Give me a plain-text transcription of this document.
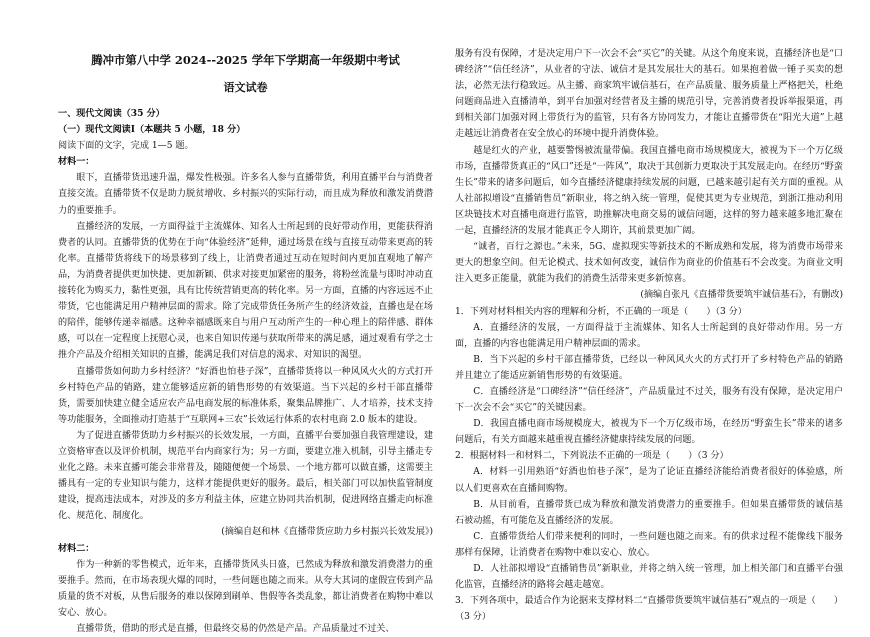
腾冲市第八中学 2024--2025 学年下学期高一年级期中考试

语文试卷

一、现代文阅读（35 分）

（一）现代文阅读Ⅰ（本题共 5 小题，18 分）

阅读下面的文字，完成 1—5 题。

材料一：

眼下，直播带货迅速升温，爆发性极强。许多名人参与直播带货，利用直播平台与消费者直接交流。直播带货不仅是助力脱贫增收、乡村振兴的实际行动，而且成为释放和激发消费潜力的重要推手。

直播经济的发展，一方面得益于主流媒体、知名人士所起到的良好带动作用，更能获得消费者的认同。直播带货的优势在于向“体验经济”延伸，通过场景在线与直接互动带来更高的转化率。直播带货将线下的场景移到了线上，让消费者通过互动在短时间内更加直观地了解产品，为消费者提供更加快捷、更加新颖、供求对接更加紧密的服务，将粉丝流量与即时冲动直接转化为购买力，黏性更强，具有比传统营销更高的转化率。另一方面，直播的内容远远不止带货，它也能满足用户精神层面的需求。除了完成带货任务所产生的经济效益，直播也是在场的陪伴，能够传递幸福感。这种幸福感既来自与用户互动所产生的一种心理上的陪伴感、群体感，可以在一定程度上抚慰心灵，也来自知识传递与获取所带来的满足感，通过观看有学之士推介产品及介绍相关知识的直播，能满足我们对信息的渴求、对知识的渴望。

直播带货如何助力乡村经济？“好酒也怕巷子深”，直播带货将以一种风风火火的方式打开乡村特色产品的销路，建立能够适应新的销售形势的有效渠道。当下兴起的乡村干部直播带货，需要加快建立健全适应农产品电商发展的标准体系，聚集品牌推广、人才培养，技术支持等功能服务，全面推动打造基于“互联网+三农”长效运行体系的农村电商 2.0 版本的建设。

为了促进直播带货助力乡村振兴的长效发展，一方面，直播平台要加强自我管理建设，建立资格审查以及评价机制，规范平台内商家行为；另一方面，要建立准入机制，引导主播走专业化之路。未来直播可能会非常普及，随随便便一个场景、一个地方都可以做直播，这需要主播具有一定的专业知识与能力，这样才能提供更好的服务。最后，相关部门可以加快监管制度建设，提高违法成本，对涉及的多方利益主体，应建立协同共治机制，促进网络直播走向标准化、规范化、制度化。

(摘编自赵和林《直播带货应助力乡村振兴长效发展》)

材料二：

作为一种新的零售模式，近年来，直播带货风头日盛，已然成为释放和激发消费潜力的重要推手。然而，在市场表现火爆的同时，一些问题也随之而来。从夸大其词的虚假宣传到产品质量的货不对板，从售后服务的难以保障到刷单、售假等各类乱象，都让消费者在购物中难以安心、放心。

直播带货，借助的形式是直播，但最终交易的仍然是产品。产品质量过不过关、

服务有没有保障，才是决定用户下一次会不会“买它”的关键。从这个角度来说，直播经济也是“口碑经济”“信任经济”，从业者的守法、诚信才是其发展壮大的基石。如果抱着做一锤子买卖的想法，必然无法行稳致远。从主播、商家筑牢诚信基石，在产品质量、服务质量上严格把关，杜绝问题商品进入直播清单，到平台加强对经营者及主播的规范引导，完善消费者投诉举报渠道，再到相关部门加强对网上带货行为的监管，只有各方协同发力，才能让直播带货在“阳光大道”上越走越远让消费者在安全放心的环境中提升消费体验。

越是红火的产业，越要警惕被流量带偏。我国直播电商市场规模庞大，被视为下一个万亿级市场，直播带货真正的“风口”还是“一阵风”，取决于其创新力更取决于其发展走向。在经历“野蛮生长”带来的诸多问题后，如今直播经济健康持续发展的问题，已越来越引起有关方面的重视。从人社部拟增设“直播销售员”新职业，将之纳入统一管理，促使其更为专业规范，到浙江推动利用区块链技术对直播电商进行监管，助推解决电商交易的诚信问题，这样的努力越来越多地汇聚在一起，直播经济的发展才能真正令人期许，其前景更加广阔。

“诚者，百行之源也。”未来，5G、虚拟现实等新技术的不断成熟和发展，将为消费市场带来更大的想象空间。但无论模式、技术如何改变，诚信作为商业的价值基石不会改变。为商业文明注入更多正能量，就能为我们的消费生活带来更多新惊喜。

(摘编自张凡《直播带货要筑牢诚信基石》，有删改)

1．下列对材料相关内容的理解和分析，不正确的一项是（　　）（3 分）

A．直播经济的发展，一方面得益于主流媒体、知名人士所起到的良好带动作用。另一方面，直播的内容也能满足用户精神层面的需求。

B．当下兴起的乡村干部直播带货，已经以一种风风火火的方式打开了乡村特色产品的销路并且建立了能适应新销售形势的有效渠道。

C．直播经济是“口碑经济”“信任经济”，产品质量过不过关，服务有没有保障，是决定用户下一次会不会“买它”的关键因素。

D．我国直播电商市场规模庞大，被视为下一个万亿级市场，在经历“野蛮生长”带来的诸多问题后，有关方面越来越重视直播经济健康持续发展的问题。

2．根据材料一和材料二，下列说法不正确的一项是（　　）（3 分）

A．材料一引用熟语“好酒也怕巷子深”，是为了论证直播经济能给消费者很好的体验感，所以人们更喜欢在直播间购物。

B．从目前看，直播带货已成为释放和激发消费潜力的重要推手。但如果直播带货的诚信基石被动摇，有可能危及直播经济的发展。

C．直播带货给人们带来便利的同时，一些问题也随之而来。有的供求过程不能像线下服务那样有保障，让消费者在购物中难以安心、放心。

D．人社部拟增设“直播销售员”新职业，并将之纳入统一管理，加上相关部门和直播平台强化监管，直播经济的路将会越走越宽。

3．下列各项中，最适合作为论据来支撑材料二“直播带货要筑牢诚信基石”观点的一项是（　　）（3 分）
